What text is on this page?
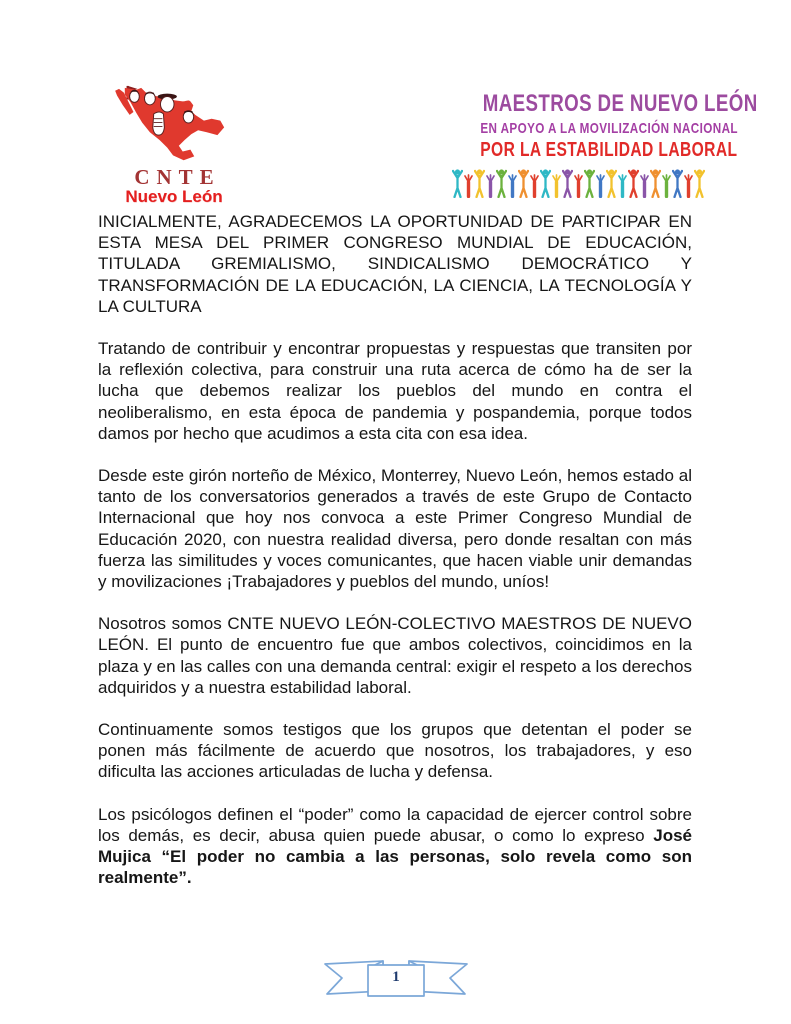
CNTE
Nuevo León
MAESTROS DE NUEVO LEÓN
EN APOYO A LA MOVILIZACIÓN NACIONAL
POR LA ESTABILIDAD LABORAL

INICIALMENTE, AGRADECEMOS LA OPORTUNIDAD DE PARTICIPAR EN ESTA MESA DEL PRIMER CONGRESO MUNDIAL DE EDUCACIÓN, TITULADA GREMIALISMO, SINDICALISMO DEMOCRÁTICO Y TRANSFORMACIÓN DE LA EDUCACIÓN, LA CIENCIA, LA TECNOLOGÍA Y LA CULTURA

Tratando de contribuir y encontrar propuestas y respuestas que transiten por la reflexión colectiva, para construir una ruta acerca de cómo ha de ser la lucha que debemos realizar los pueblos del mundo en contra el neoliberalismo, en esta época de pandemia y pospandemia, porque todos damos por hecho que acudimos a esta cita con esa idea.

Desde este girón norteño de México, Monterrey, Nuevo León, hemos estado al tanto de los conversatorios generados a través de este Grupo de Contacto Internacional que hoy nos convoca a este Primer Congreso Mundial de Educación 2020, con nuestra realidad diversa, pero donde resaltan con más fuerza las similitudes y voces comunicantes, que hacen viable unir demandas y movilizaciones ¡Trabajadores y pueblos del mundo, uníos!

Nosotros somos CNTE NUEVO LEÓN-COLECTIVO MAESTROS DE NUEVO LEÓN. El punto de encuentro fue que ambos colectivos, coincidimos en la plaza y en las calles con una demanda central: exigir el respeto a los derechos adquiridos y a nuestra estabilidad laboral.

Continuamente somos testigos que los grupos que detentan el poder se ponen más fácilmente de acuerdo que nosotros, los trabajadores, y eso dificulta las acciones articuladas de lucha y defensa.

Los psicólogos definen el “poder” como la capacidad de ejercer control sobre los demás, es decir, abusa quien puede abusar, o como lo expreso José Mujica “El poder no cambia a las personas, solo revela como son realmente”.

1
